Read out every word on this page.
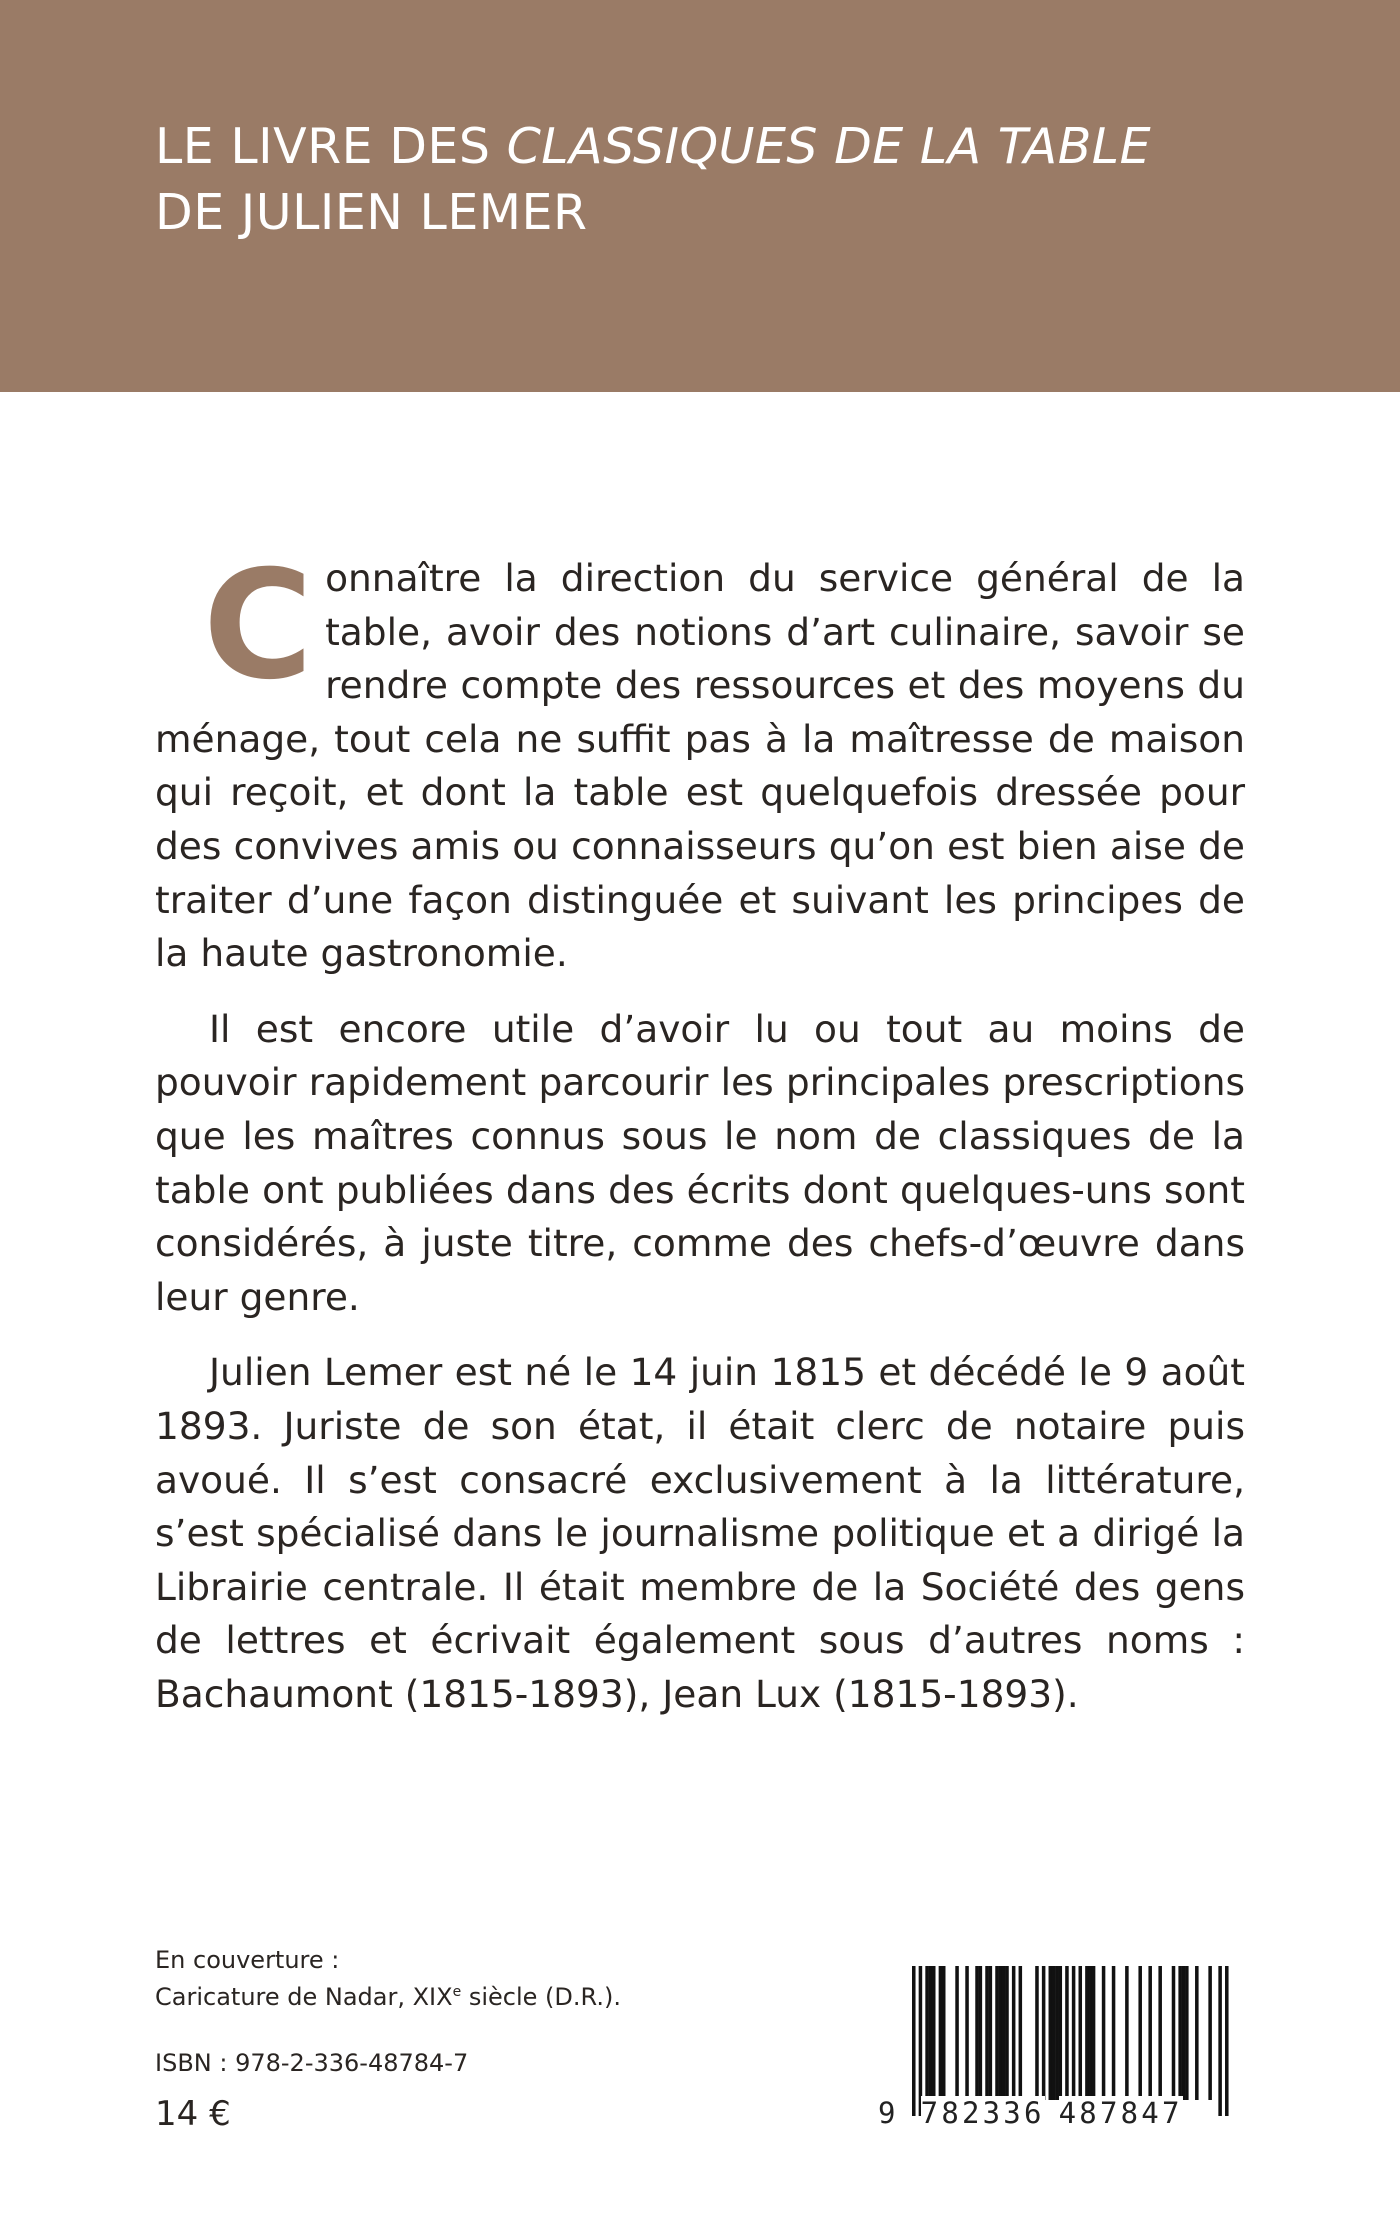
LE LIVRE DES CLASSIQUES DE LA TABLE
DE JULIEN LEMER

Connaître la direction du service général de la table, avoir des notions d’art culinaire, savoir se rendre compte des ressources et des moyens du ménage, tout cela ne suffit pas à la maîtresse de maison qui reçoit, et dont la table est quelquefois dressée pour des convives amis ou connaisseurs qu’on est bien aise de traiter d’une façon distinguée et suivant les principes de la haute gastronomie.

Il est encore utile d’avoir lu ou tout au moins de pouvoir rapidement parcourir les principales prescriptions que les maîtres connus sous le nom de classiques de la table ont publiées dans des écrits dont quelques-uns sont considérés, à juste titre, comme des chefs-d’œuvre dans leur genre.

Julien Lemer est né le 14 juin 1815 et décédé le 9 août 1893. Juriste de son état, il était clerc de notaire puis avoué. Il s’est consacré exclusivement à la littérature, s’est spécialisé dans le journalisme politique et a dirigé la Librairie centrale. Il était membre de la Société des gens de lettres et écrivait également sous d’autres noms : Bachaumont (1815-1893), Jean Lux (1815-1893).

En couverture :
Caricature de Nadar, XIXe siècle (D.R.).
ISBN : 978-2-336-48784-7
14 €	9 782336 487847
